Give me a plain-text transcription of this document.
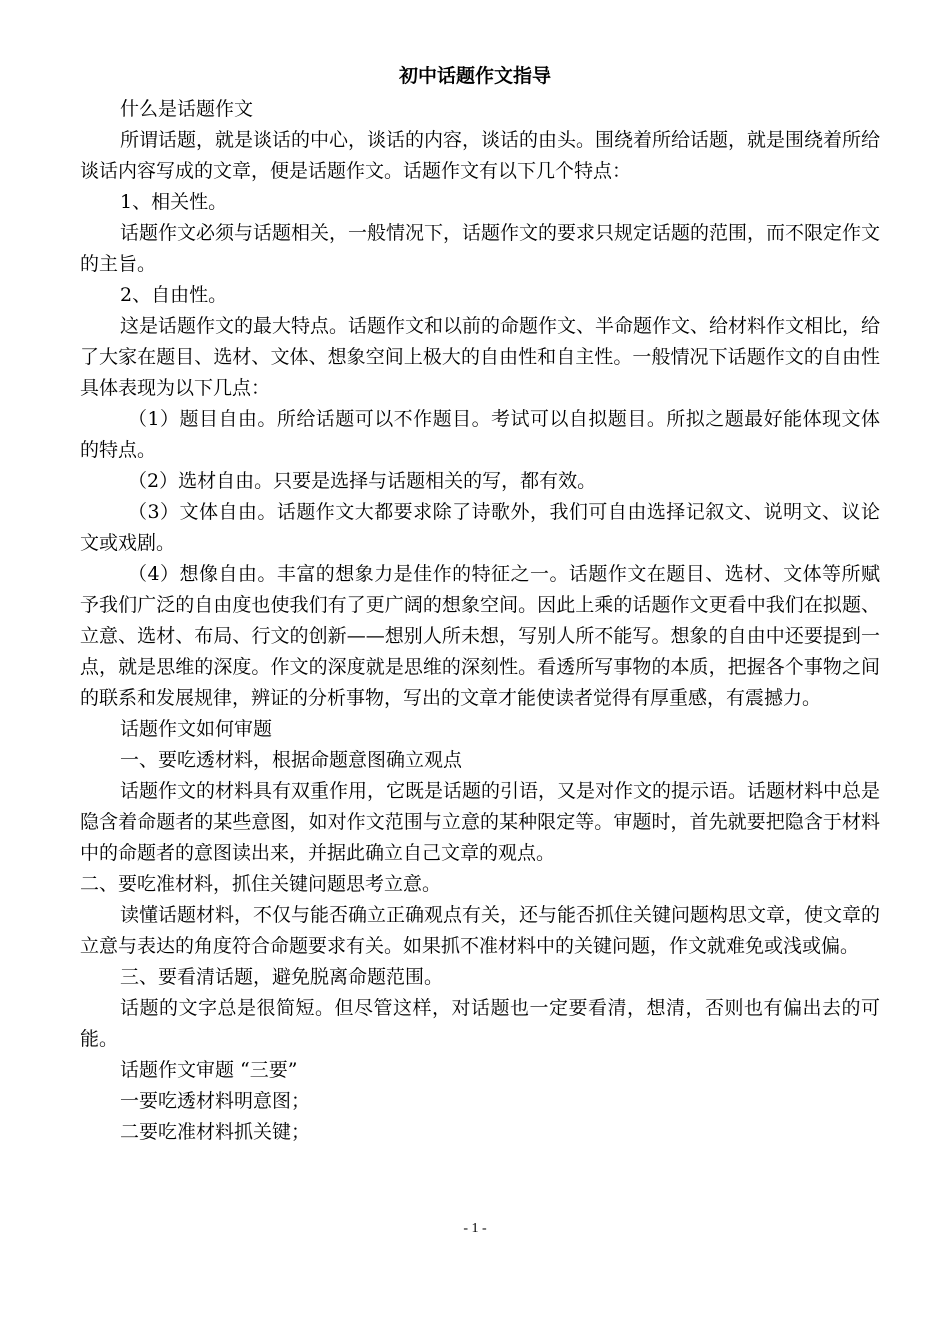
初中话题作文指导

什么是话题作文

所谓话题，就是谈话的中心，谈话的内容，谈话的由头。围绕着所给话题，就是围绕着所给谈话内容写成的文章，便是话题作文。话题作文有以下几个特点：

1、相关性。

话题作文必须与话题相关，一般情况下，话题作文的要求只规定话题的范围，而不限定作文的主旨。

2、自由性。

这是话题作文的最大特点。话题作文和以前的命题作文、半命题作文、给材料作文相比，给了大家在题目、选材、文体、想象空间上极大的自由性和自主性。一般情况下话题作文的自由性具体表现为以下几点：

（1）题目自由。所给话题可以不作题目。考试可以自拟题目。所拟之题最好能体现文体的特点。

（2）选材自由。只要是选择与话题相关的写，都有效。

（3）文体自由。话题作文大都要求除了诗歌外，我们可自由选择记叙文、说明文、议论文或戏剧。

（4）想像自由。丰富的想象力是佳作的特征之一。话题作文在题目、选材、文体等所赋予我们广泛的自由度也使我们有了更广阔的想象空间。因此上乘的话题作文更看中我们在拟题、立意、选材、布局、行文的创新——想别人所未想，写别人所不能写。想象的自由中还要提到一点，就是思维的深度。作文的深度就是思维的深刻性。看透所写事物的本质，把握各个事物之间的联系和发展规律，辨证的分析事物，写出的文章才能使读者觉得有厚重感，有震撼力。

话题作文如何审题

一、要吃透材料，根据命题意图确立观点

话题作文的材料具有双重作用，它既是话题的引语，又是对作文的提示语。话题材料中总是隐含着命题者的某些意图，如对作文范围与立意的某种限定等。审题时，首先就要把隐含于材料中的命题者的意图读出来，并据此确立自己文章的观点。

二、要吃准材料，抓住关键问题思考立意。

读懂话题材料，不仅与能否确立正确观点有关，还与能否抓住关键问题构思文章，使文章的立意与表达的角度符合命题要求有关。如果抓不准材料中的关键问题，作文就难免或浅或偏。

三、要看清话题，避免脱离命题范围。

话题的文字总是很简短。但尽管这样，对话题也一定要看清，想清，否则也有偏出去的可能。

话题作文审题 “三要”

一要吃透材料明意图；

二要吃准材料抓关键；

- 1 -
